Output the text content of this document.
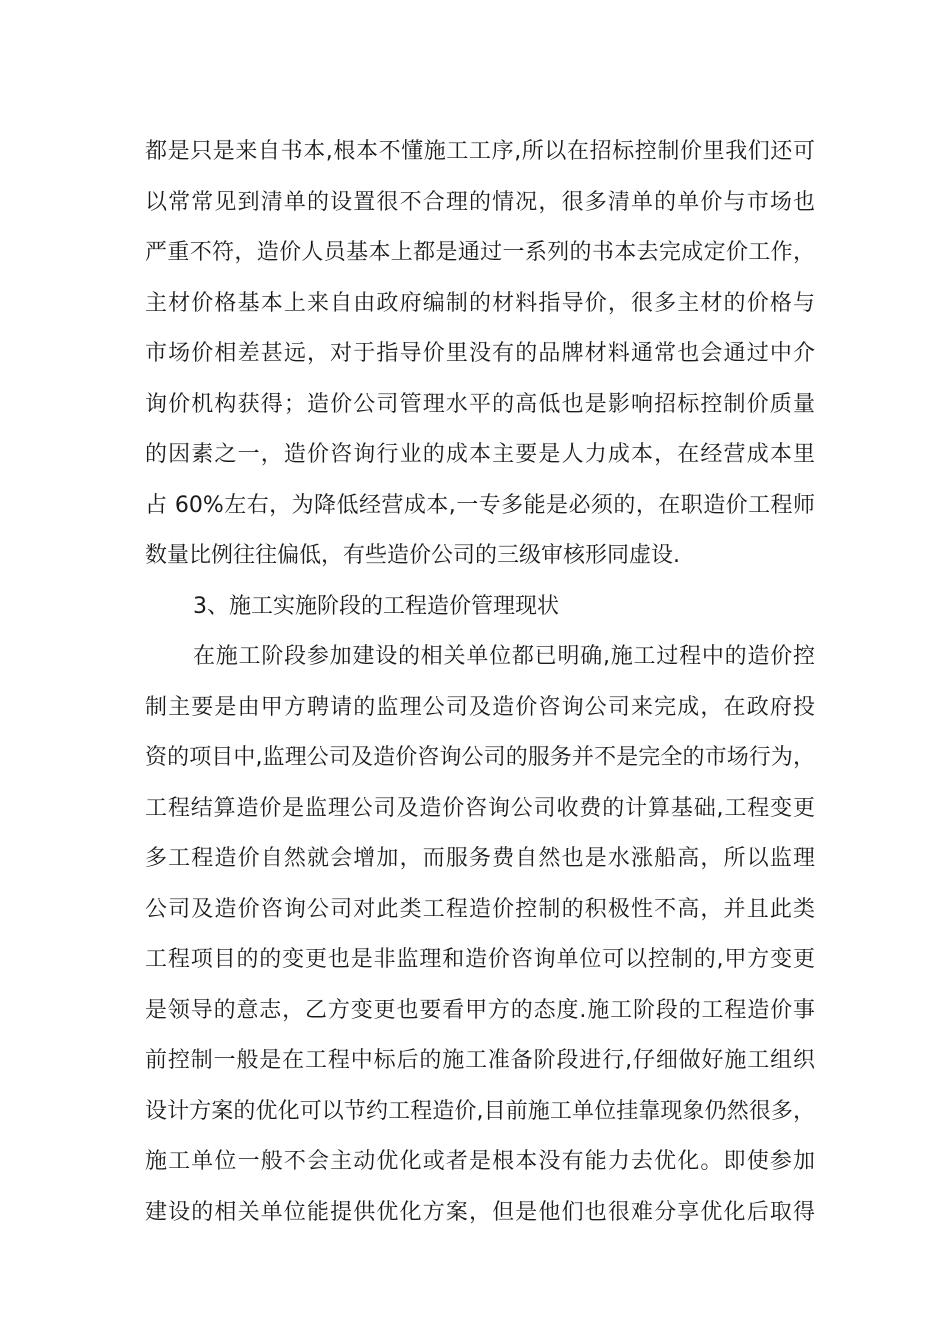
都是只是来自书本,根本不懂施工工序,所以在招标控制价里我们还可
以常常见到清单的设置很不合理的情况，很多清单的单价与市场也
严重不符，造价人员基本上都是通过一系列的书本去完成定价工作，
主材价格基本上来自由政府编制的材料指导价，很多主材的价格与
市场价相差甚远，对于指导价里没有的品牌材料通常也会通过中介
询价机构获得；造价公司管理水平的高低也是影响招标控制价质量
的因素之一，造价咨询行业的成本主要是人力成本，在经营成本里
占 60%左右，为降低经营成本,一专多能是必须的，在职造价工程师
数量比例往往偏低，有些造价公司的三级审核形同虚设.
3、施工实施阶段的工程造价管理现状
在施工阶段参加建设的相关单位都已明确,施工过程中的造价控
制主要是由甲方聘请的监理公司及造价咨询公司来完成，在政府投
资的项目中,监理公司及造价咨询公司的服务并不是完全的市场行为，
工程结算造价是监理公司及造价咨询公司收费的计算基础,工程变更
多工程造价自然就会增加，而服务费自然也是水涨船高，所以监理
公司及造价咨询公司对此类工程造价控制的积极性不高，并且此类
工程项目的的变更也是非监理和造价咨询单位可以控制的,甲方变更
是领导的意志，乙方变更也要看甲方的态度.施工阶段的工程造价事
前控制一般是在工程中标后的施工准备阶段进行,仔细做好施工组织
设计方案的优化可以节约工程造价,目前施工单位挂靠现象仍然很多，
施工单位一般不会主动优化或者是根本没有能力去优化。即使参加
建设的相关单位能提供优化方案，但是他们也很难分享优化后取得
